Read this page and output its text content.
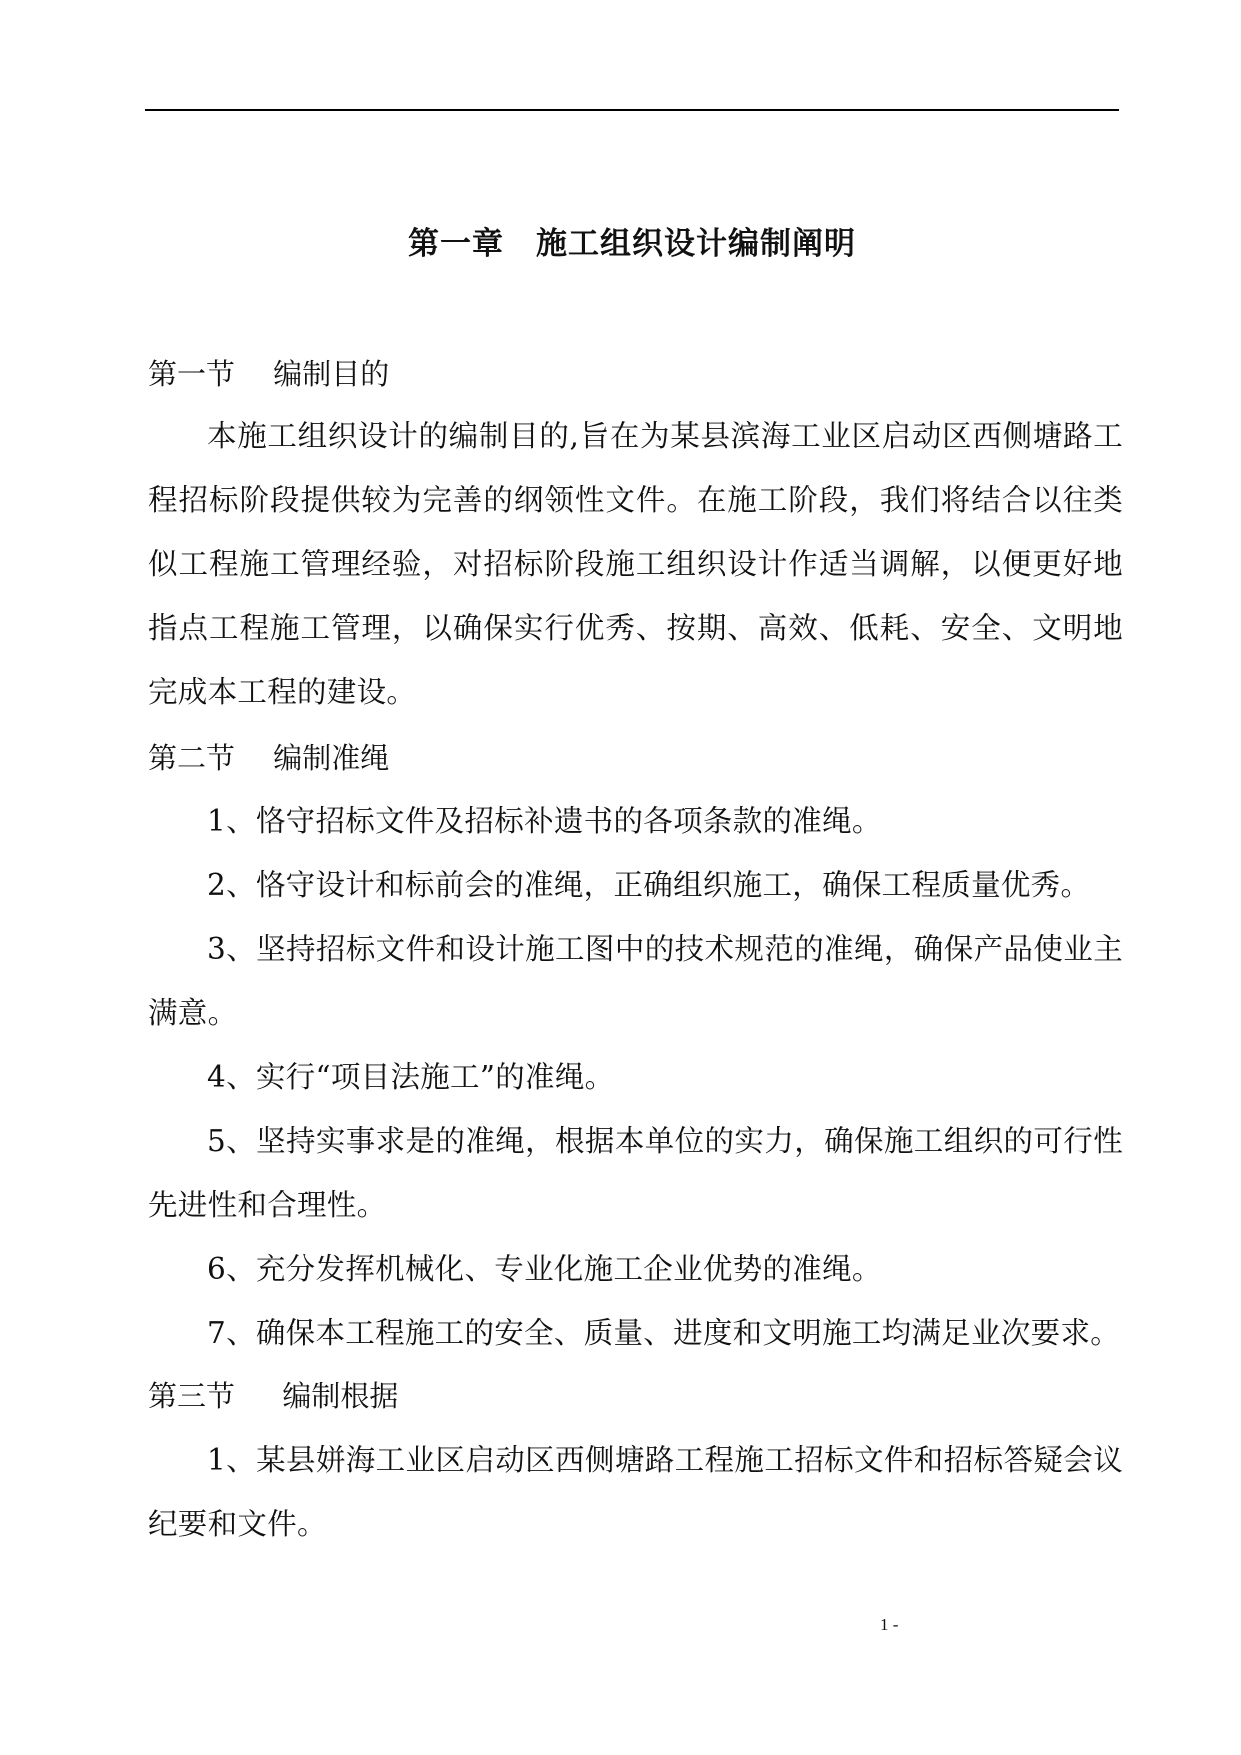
第一章　施工组织设计编制阐明
第一节　 编制目的

本施工组织设计的编制目的,旨在为某县滨海工业区启动区西侧塘路工程招标阶段提供较为完善的纲领性文件。在施工阶段，我们将结合以往类似工程施工管理经验，对招标阶段施工组织设计作适当调解，以便更好地指点工程施工管理，以确保实行优秀、按期、高效、低耗、安全、文明地完成本工程的建设。

第二节　 编制准绳

1、恪守招标文件及招标补遗书的各项条款的准绳。

2、恪守设计和标前会的准绳，正确组织施工，确保工程质量优秀。

3、坚持招标文件和设计施工图中的技术规范的准绳，确保产品使业主满意。

4、实行“项目法施工”的准绳。

5、坚持实事求是的准绳，根据本单位的实力，确保施工组织的可行性先进性和合理性。

6、充分发挥机械化、专业化施工企业优势的准绳。

7、确保本工程施工的安全、质量、进度和文明施工均满足业次要求。

第三节　  编制根据

1、某县姘海工业区启动区西侧塘路工程施工招标文件和招标答疑会议纪要和文件。

1 -
